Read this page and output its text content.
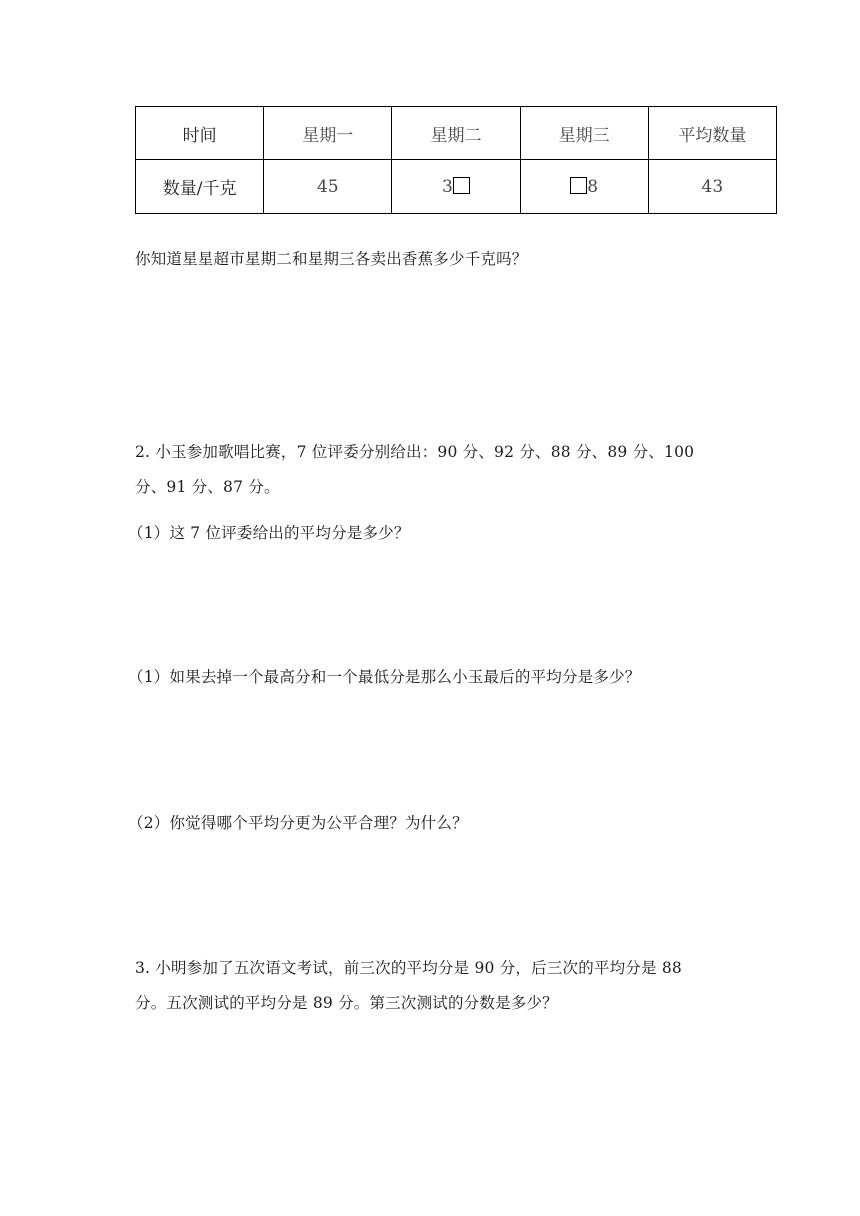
时间	星期一	星期二	星期三	平均数量
数量/千克	45	3	8	43
你知道星星超市星期二和星期三各卖出香蕉多少千克吗？
2. 小玉参加歌唱比赛，7 位评委分别给出：90 分、92 分、88 分、89 分、100
分、91 分、87 分。
（1）这 7 位评委给出的平均分是多少？
（1）如果去掉一个最高分和一个最低分是那么小玉最后的平均分是多少？
（2）你觉得哪个平均分更为公平合理？为什么？
3. 小明参加了五次语文考试，前三次的平均分是 90 分，后三次的平均分是 88
分。五次测试的平均分是 89 分。第三次测试的分数是多少？
